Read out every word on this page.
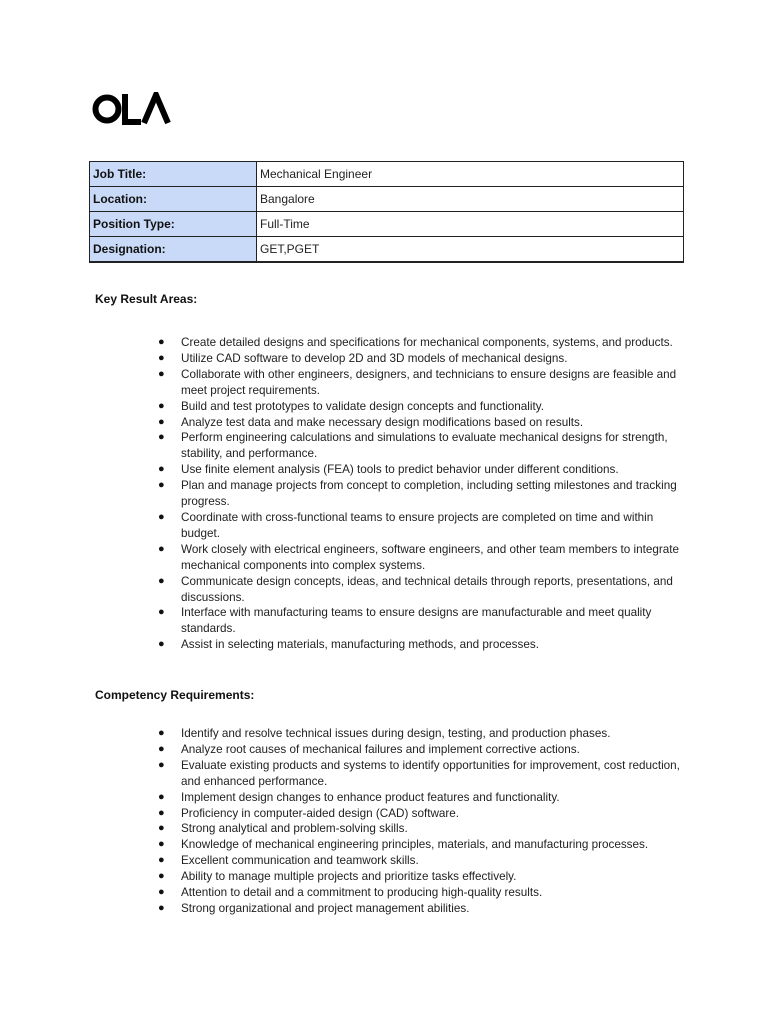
Job Title:	Mechanical Engineer
Location:	Bangalore
Position Type:	Full-Time
Designation:	GET,PGET
Key Result Areas:
● Create detailed designs and specifications for mechanical components, systems, and products.
● Utilize CAD software to develop 2D and 3D models of mechanical designs.
● Collaborate with other engineers, designers, and technicians to ensure designs are feasible and meet project requirements.
● Build and test prototypes to validate design concepts and functionality.
● Analyze test data and make necessary design modifications based on results.
● Perform engineering calculations and simulations to evaluate mechanical designs for strength, stability, and performance.
● Use finite element analysis (FEA) tools to predict behavior under different conditions.
● Plan and manage projects from concept to completion, including setting milestones and tracking progress.
● Coordinate with cross-functional teams to ensure projects are completed on time and within budget.
● Work closely with electrical engineers, software engineers, and other team members to integrate mechanical components into complex systems.
● Communicate design concepts, ideas, and technical details through reports, presentations, and discussions.
● Interface with manufacturing teams to ensure designs are manufacturable and meet quality standards.
● Assist in selecting materials, manufacturing methods, and processes.
Competency Requirements:
● Identify and resolve technical issues during design, testing, and production phases.
● Analyze root causes of mechanical failures and implement corrective actions.
● Evaluate existing products and systems to identify opportunities for improvement, cost reduction, and enhanced performance.
● Implement design changes to enhance product features and functionality.
● Proficiency in computer-aided design (CAD) software.
● Strong analytical and problem-solving skills.
● Knowledge of mechanical engineering principles, materials, and manufacturing processes.
● Excellent communication and teamwork skills.
● Ability to manage multiple projects and prioritize tasks effectively.
● Attention to detail and a commitment to producing high-quality results.
● Strong organizational and project management abilities.
